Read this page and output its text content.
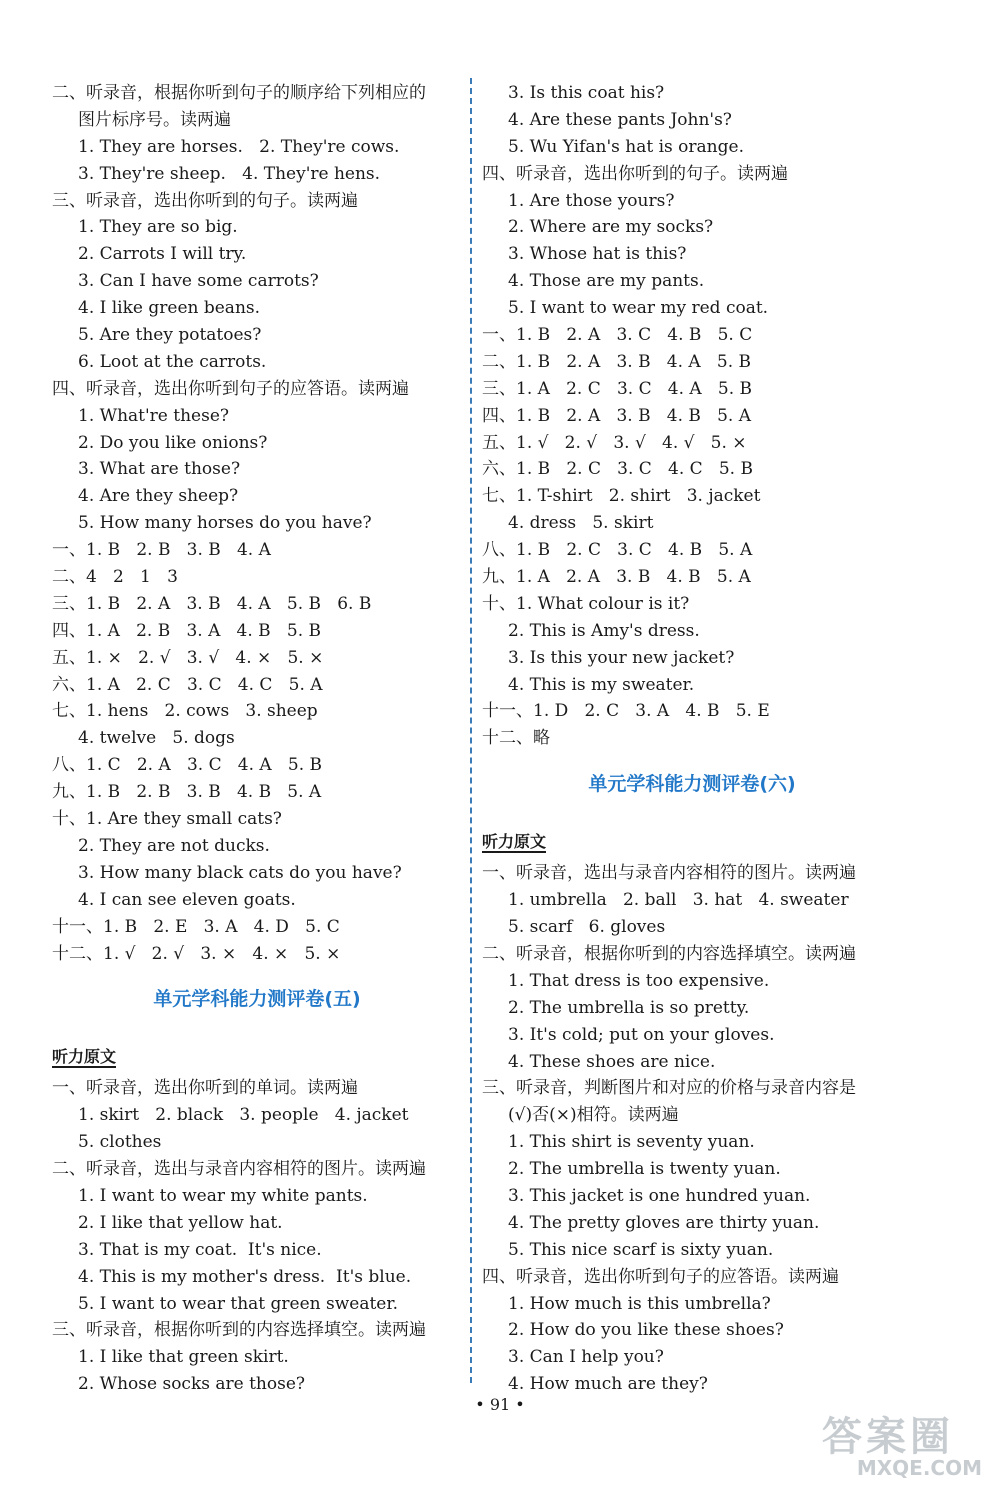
二、听录音，根据你听到句子的顺序给下列相应的
图片标序号。读两遍
1. They are horses.   2. They're cows.
3. They're sheep.   4. They're hens.
三、听录音，选出你听到的句子。读两遍
1. They are so big.
2. Carrots I will try.
3. Can I have some carrots?
4. I like green beans.
5. Are they potatoes?
6. Loot at the carrots.
四、听录音，选出你听到句子的应答语。读两遍
1. What're these?
2. Do you like onions?
3. What are those?
4. Are they sheep?
5. How many horses do you have?
一、1. B   2. B   3. B   4. A
二、4   2   1   3
三、1. B   2. A   3. B   4. A   5. B   6. B
四、1. A   2. B   3. A   4. B   5. B
五、1. ×   2. √   3. √   4. ×   5. ×
六、1. A   2. C   3. C   4. C   5. A
七、1. hens   2. cows   3. sheep
4. twelve   5. dogs
八、1. C   2. A   3. C   4. A   5. B
九、1. B   2. B   3. B   4. B   5. A
十、1. Are they small cats?
2. They are not ducks.
3. How many black cats do you have?
4. I can see eleven goats.
十一、1. B   2. E   3. A   4. D   5. C
十二、1. √   2. √   3. ×   4. ×   5. ×
单元学科能力测评卷(五)
听力原文
一、听录音，选出你听到的单词。读两遍
1. skirt   2. black   3. people   4. jacket
5. clothes
二、听录音，选出与录音内容相符的图片。读两遍
1. I want to wear my white pants.
2. I like that yellow hat.
3. That is my coat.  It's nice.
4. This is my mother's dress.  It's blue.
5. I want to wear that green sweater.
三、听录音，根据你听到的内容选择填空。读两遍
1. I like that green skirt.
2. Whose socks are those?
3. Is this coat his?
4. Are these pants John's?
5. Wu Yifan's hat is orange.
四、听录音，选出你听到的句子。读两遍
1. Are those yours?
2. Where are my socks?
3. Whose hat is this?
4. Those are my pants.
5. I want to wear my red coat.
一、1. B   2. A   3. C   4. B   5. C
二、1. B   2. A   3. B   4. A   5. B
三、1. A   2. C   3. C   4. A   5. B
四、1. B   2. A   3. B   4. B   5. A
五、1. √   2. √   3. √   4. √   5. ×
六、1. B   2. C   3. C   4. C   5. B
七、1. T-shirt   2. shirt   3. jacket
4. dress   5. skirt
八、1. B   2. C   3. C   4. B   5. A
九、1. A   2. A   3. B   4. B   5. A
十、1. What colour is it?
2. This is Amy's dress.
3. Is this your new jacket?
4. This is my sweater.
十一、1. D   2. C   3. A   4. B   5. E
十二、略
单元学科能力测评卷(六)
听力原文
一、听录音，选出与录音内容相符的图片。读两遍
1. umbrella   2. ball   3. hat   4. sweater
5. scarf   6. gloves
二、听录音，根据你听到的内容选择填空。读两遍
1. That dress is too expensive.
2. The umbrella is so pretty.
3. It's cold; put on your gloves.
4. These shoes are nice.
三、听录音，判断图片和对应的价格与录音内容是
(√)否(×)相符。读两遍
1. This shirt is seventy yuan.
2. The umbrella is twenty yuan.
3. This jacket is one hundred yuan.
4. The pretty gloves are thirty yuan.
5. This nice scarf is sixty yuan.
四、听录音，选出你听到句子的应答语。读两遍
1. How much is this umbrella?
2. How do you like these shoes?
3. Can I help you?
4. How much are they?
• 91 •
答案圈
MXQE.COM
